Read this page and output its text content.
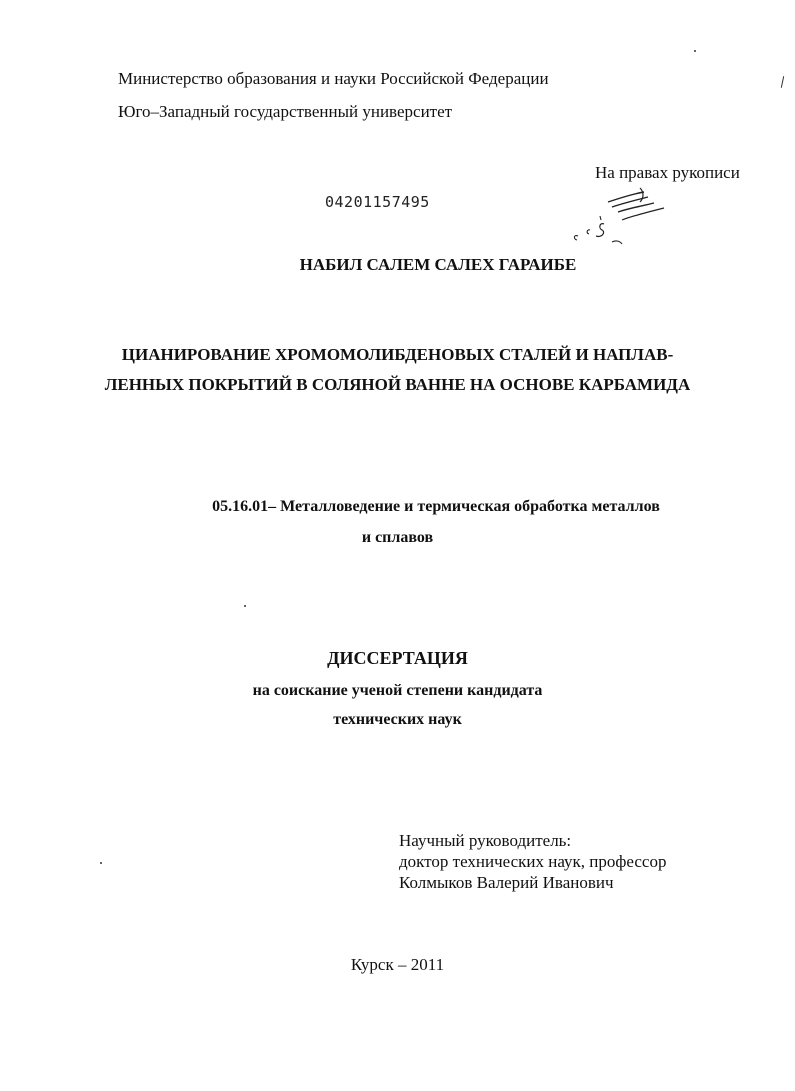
Министерство образования и науки Российской Федерации
Юго–Западный государственный университет
На правах рукописи
04201157495
НАБИЛ САЛЕМ САЛЕХ ГАРАИБЕ
ЦИАНИРОВАНИЕ ХРОМОМОЛИБДЕНОВЫХ СТАЛЕЙ И НАПЛАВ-
ЛЕННЫХ ПОКРЫТИЙ В СОЛЯНОЙ ВАННЕ НА ОСНОВЕ КАРБАМИДА
05.16.01– Металловедение и термическая обработка металлов
и сплавов
ДИССЕРТАЦИЯ
на соискание ученой степени кандидата
технических наук
Научный руководитель:
доктор технических наук, профессор
Колмыков Валерий Иванович
Курск – 2011
